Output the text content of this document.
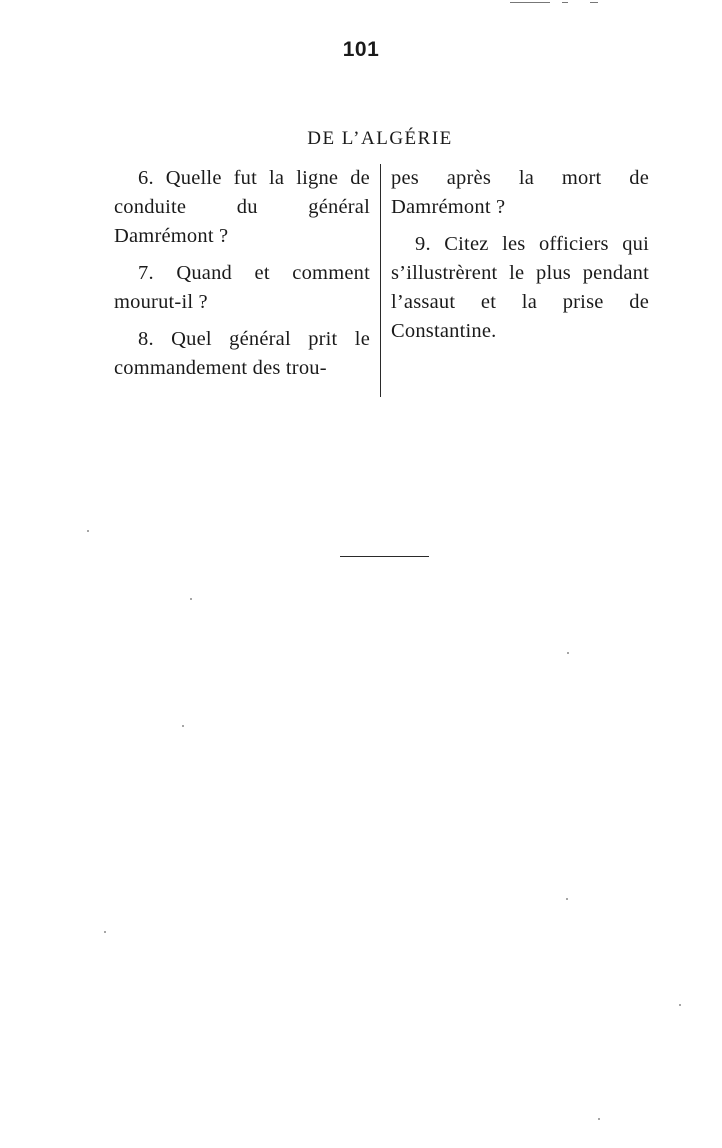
101
DE L’ALGÉRIE

6. Quelle fut la ligne de conduite du général Damrémont ?

7. Quand et comment mourut-il ?

8. Quel général prit le commandement des trou-

pes après la mort de Damrémont ?

9. Citez les officiers qui s’illustrèrent le plus pendant l’assaut et la prise de Constantine.
